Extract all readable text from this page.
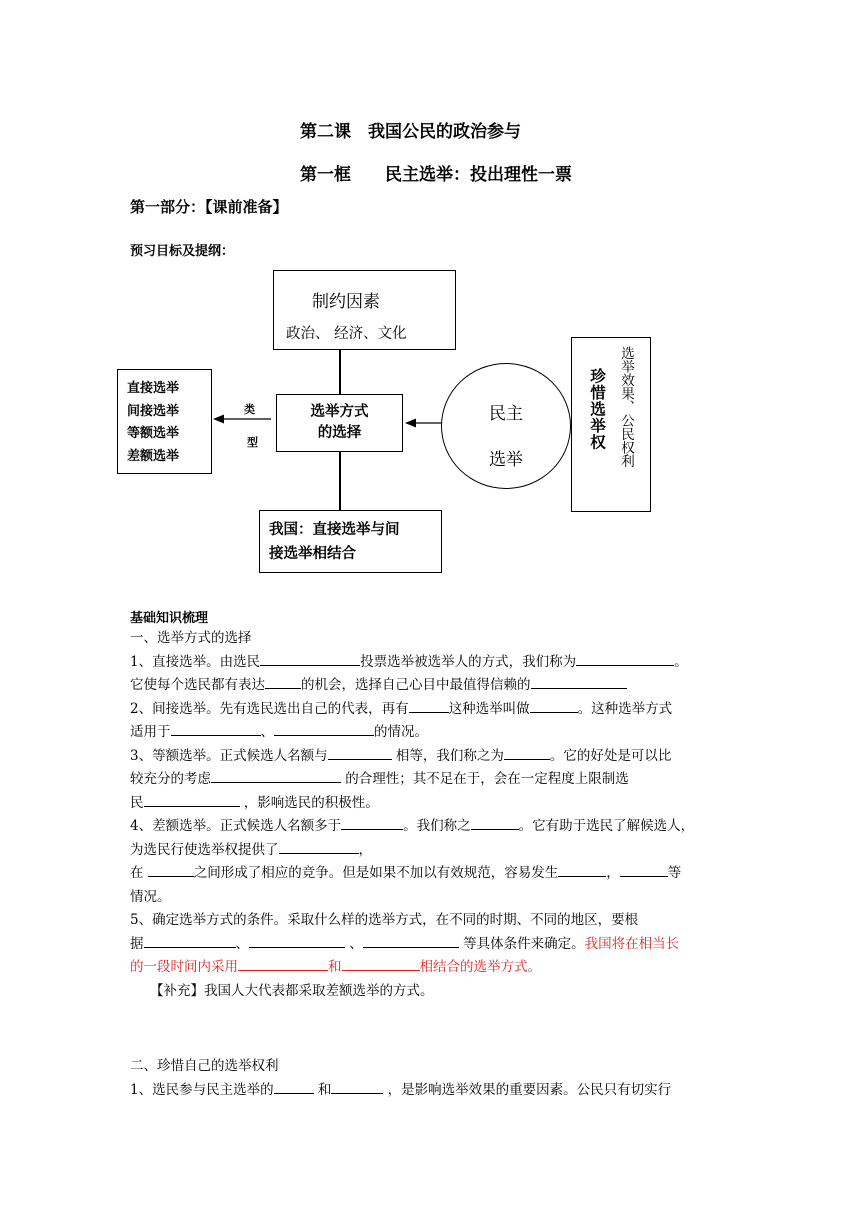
第二课　我国公民的政治参与
第一框　　民主选举：投出理性一票
第一部分：【课前准备】
预习目标及提纲：
制约因素
政治、 经济、文化
直接选举
间接选举
等额选举
差额选举
类
型
选举方式
的选择
民主
选举
珍惜选举权 选举效果、公民权利
我国：直接选举与间
接选举相结合
基础知识梳理

一、选举方式的选择

1、直接选举。由选民	投票选举被选举人的方式，我们称为	。

它使每个选民都有表达	的机会，选择自己心目中最值得信赖的

2、间接选举。先有选民选出自己的代表，再有	这种选举叫做	。这种选举方式

适用于	、	的情况。

3、等额选举。正式候选人名额与	相等，我们称之为	。它的好处是可以比

较充分的考虑	的合理性；其不足在于，会在一定程度上限制选

民	，影响选民的积极性。

4、差额选举。正式候选人名额多于	。我们称之	。它有助于选民了解候选人，

为选民行使选举权提供了	，

在	之间形成了相应的竞争。但是如果不加以有效规范，容易发生	，	等

情况。

5、确定选举方式的条件。采取什么样的选举方式，在不同的时期、不同的地区，要根

据	、	、	等具体条件来确定。我国将在相当长

的一段时间内采用	和	相结合的选举方式。

【补充】我国人大代表都采取差额选举的方式。

二、珍惜自己的选举权利

1、选民参与民主选举的	和	，是影响选举效果的重要因素。公民只有切实行
